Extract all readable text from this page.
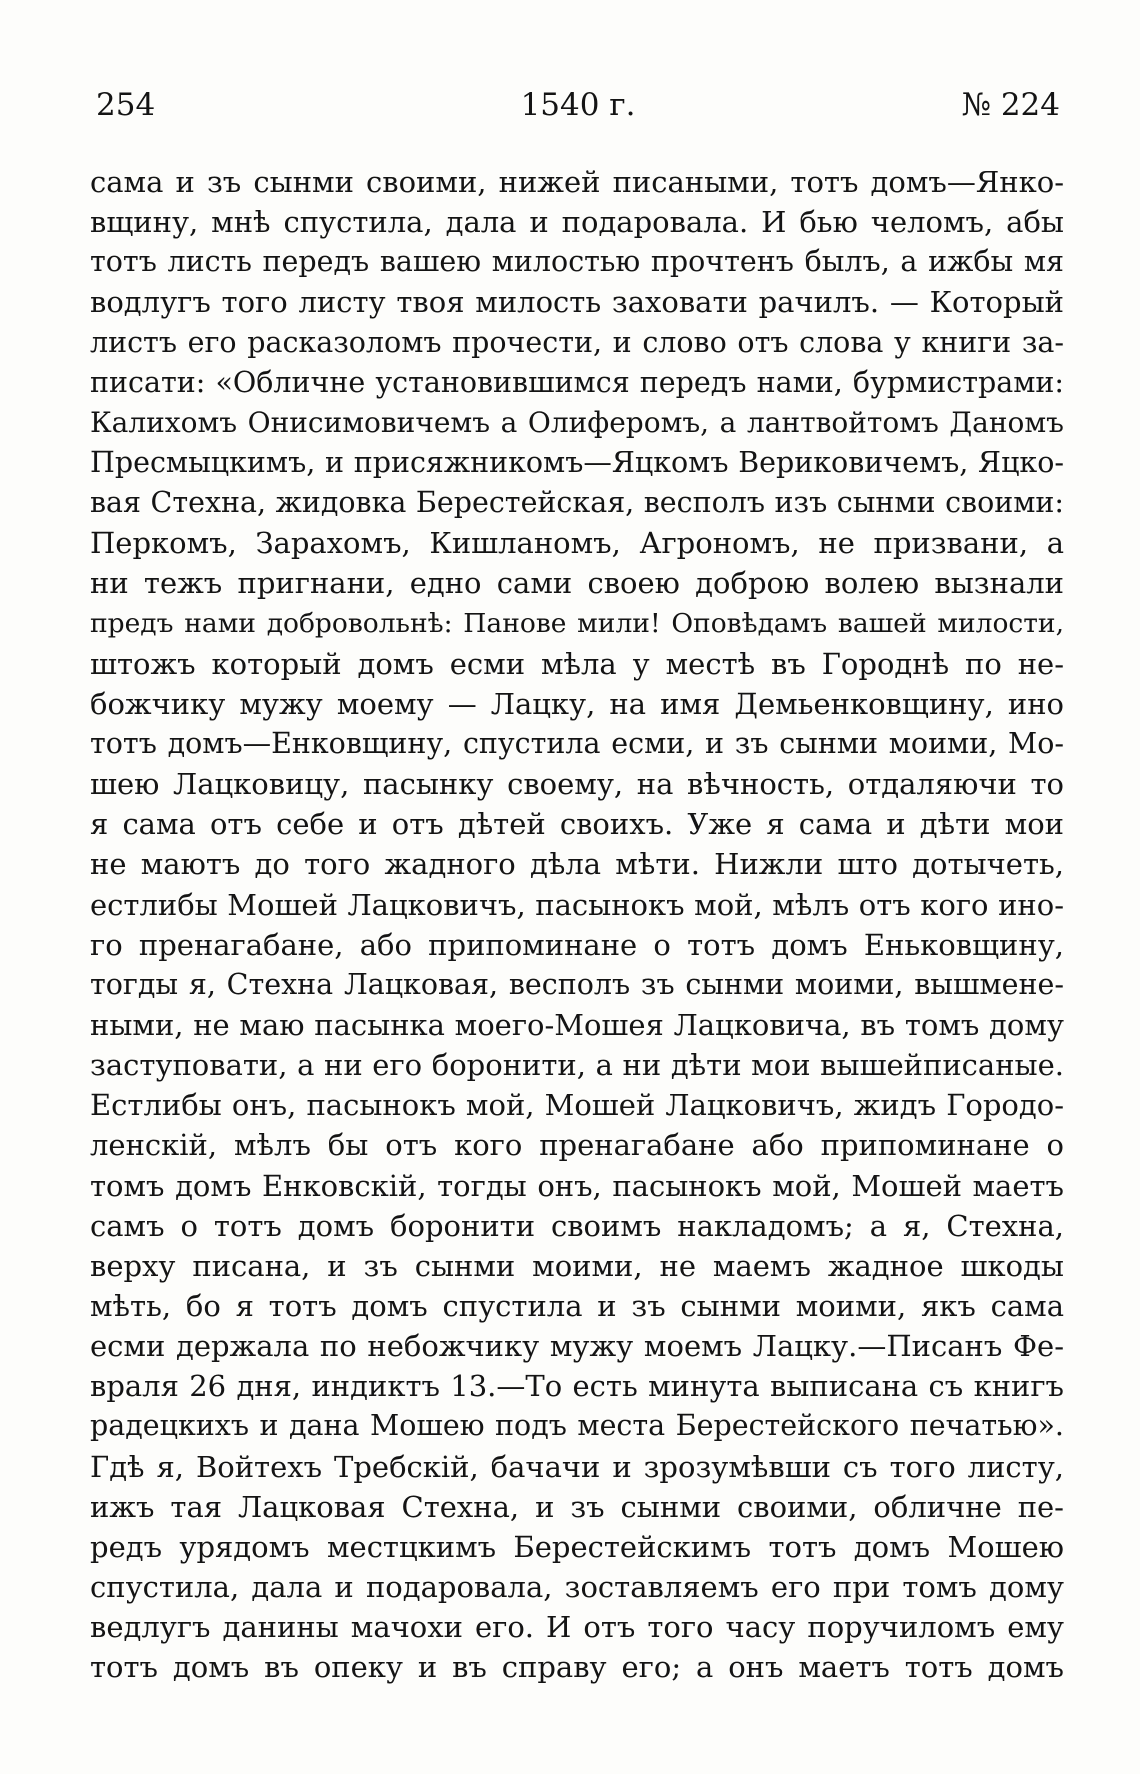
254	1540 г.	№ 224
сама и зъ сынми своими, нижей писаными, тотъ домъ—Янко-
вщину, мнѣ спустила, дала и подаровала. И бью челомъ, абы
тотъ листь передъ вашею милостью прочтенъ былъ, а ижбы мя
водлугъ того листу твоя милость заховати рачилъ. — Который
листъ его расказоломъ прочести, и слово отъ слова у книги за-
писати: «Обличне установившимся передъ нами, бурмистрами:
Калихомъ Онисимовичемъ а Олиферомъ, а лантвойтомъ Даномъ
Пресмыцкимъ, и присяжникомъ—Яцкомъ Вериковичемъ, Яцко-
вая Стехна, жидовка Берестейская, весполъ изъ сынми своими:
Перкомъ, Зарахомъ, Кишланомъ, Агрономъ, не призвани, а
ни тежъ пригнани, едно сами своею доброю волею вызнали
предъ нами добровольнѣ: Панове мили! Оповѣдамъ вашей милости,
штожъ который домъ есми мѣла у местѣ въ Городнѣ по не-
божчику мужу моему — Лацку, на имя Демьенковщину, ино
тотъ домъ—Енковщину, спустила есми, и зъ сынми моими, Мо-
шею Лацковицу, пасынку своему, на вѣчность, отдаляючи то
я сама отъ себе и отъ дѣтей своихъ. Уже я сама и дѣти мои
не маютъ до того жадного дѣла мѣти. Нижли што дотычеть,
естлибы Мошей Лацковичъ, пасынокъ мой, мѣлъ отъ кого ино-
го пренагабане, або припоминане о тотъ домъ Еньковщину,
тогды я, Стехна Лацковая, весполъ зъ сынми моими, вышмене-
ными, не маю пасынка моего-Мошея Лацковича, въ томъ дому
заступовати, а ни его боронити, а ни дѣти мои вышейписаные.
Естлибы онъ, пасынокъ мой, Мошей Лацковичъ, жидъ Городо-
ленскій, мѣлъ бы отъ кого пренагабане або припоминане о
томъ домъ Енковскій, тогды онъ, пасынокъ мой, Мошей маетъ
самъ о тотъ домъ боронити своимъ накладомъ; а я, Стехна,
верху писана, и зъ сынми моими, не маемъ жадное шкоды
мѣть, бо я тотъ домъ спустила и зъ сынми моими, якъ сама
есми держала по небожчику мужу моемъ Лацку.—Писанъ Фе-
враля 26 дня, индиктъ 13.—То есть минута выписана съ книгъ
радецкихъ и дана Мошею подъ места Берестейского печатью».
Гдѣ я, Войтехъ Требскій, бачачи и зрозумѣвши съ того листу,
ижъ тая Лацковая Стехна, и зъ сынми своими, обличне пе-
редъ урядомъ местцкимъ Берестейскимъ тотъ домъ Мошею
спустила, дала и подаровала, зоставляемъ его при томъ дому
ведлугъ данины мачохи его. И отъ того часу поручиломъ ему
тотъ домъ въ опеку и въ справу его; а онъ маетъ тотъ домъ
